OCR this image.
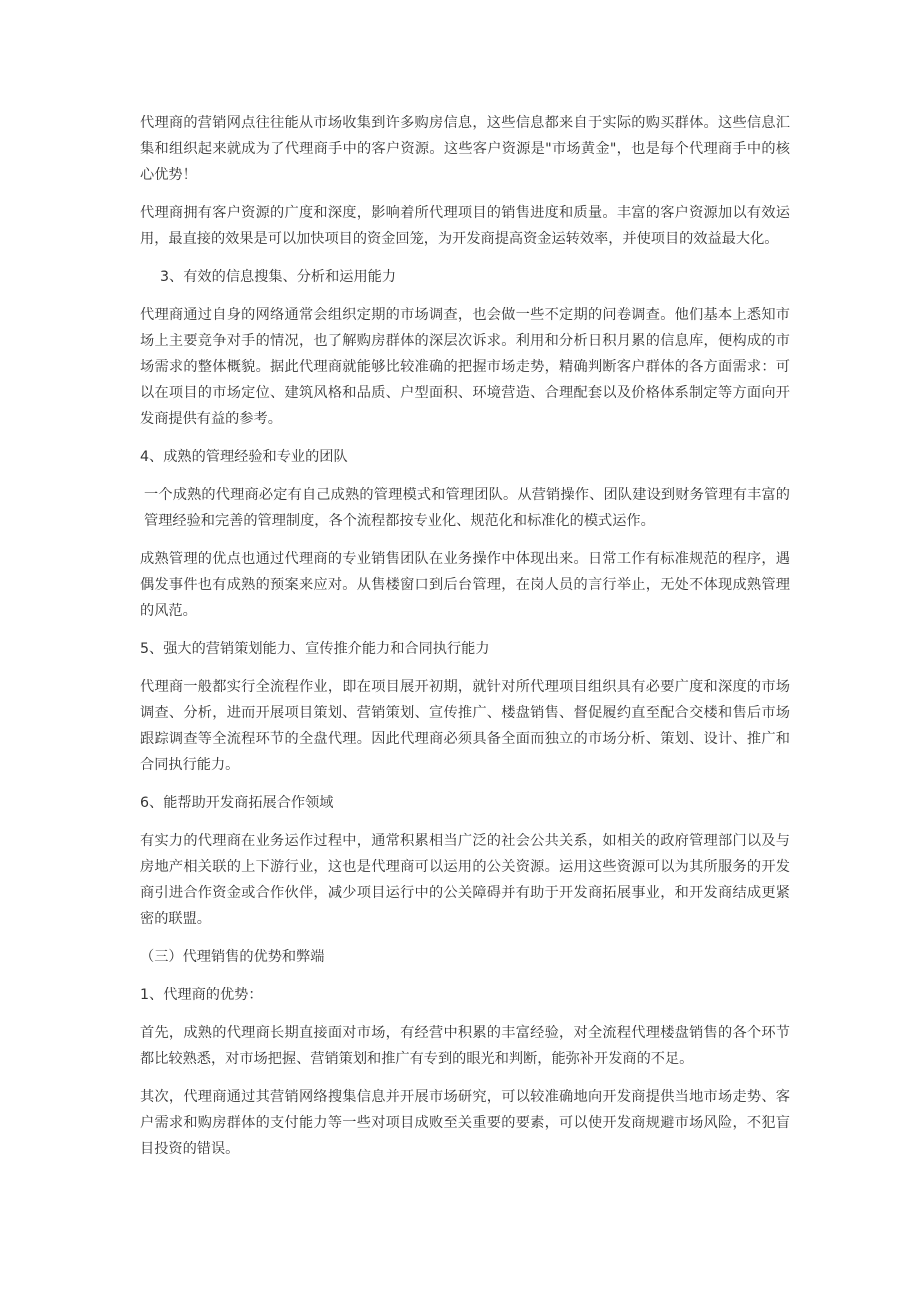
代理商的营销网点往往能从市场收集到许多购房信息，这些信息都来自于实际的购买群体。这些信息汇集和组织起来就成为了代理商手中的客户资源。这些客户资源是"市场黄金"，也是每个代理商手中的核心优势！

代理商拥有客户资源的广度和深度，影响着所代理项目的销售进度和质量。丰富的客户资源加以有效运用，最直接的效果是可以加快项目的资金回笼，为开发商提高资金运转效率，并使项目的效益最大化。

3、有效的信息搜集、分析和运用能力

代理商通过自身的网络通常会组织定期的市场调查，也会做一些不定期的问卷调查。他们基本上悉知市场上主要竞争对手的情况，也了解购房群体的深层次诉求。利用和分析日积月累的信息库，便构成的市场需求的整体概貌。据此代理商就能够比较准确的把握市场走势，精确判断客户群体的各方面需求：可以在项目的市场定位、建筑风格和品质、户型面积、环境营造、合理配套以及价格体系制定等方面向开发商提供有益的参考。

4、成熟的管理经验和专业的团队

一个成熟的代理商必定有自己成熟的管理模式和管理团队。从营销操作、团队建设到财务管理有丰富的管理经验和完善的管理制度，各个流程都按专业化、规范化和标准化的模式运作。

成熟管理的优点也通过代理商的专业销售团队在业务操作中体现出来。日常工作有标准规范的程序，遇偶发事件也有成熟的预案来应对。从售楼窗口到后台管理，在岗人员的言行举止，无处不体现成熟管理的风范。

5、强大的营销策划能力、宣传推介能力和合同执行能力

代理商一般都实行全流程作业，即在项目展开初期，就针对所代理项目组织具有必要广度和深度的市场调查、分析，进而开展项目策划、营销策划、宣传推广、楼盘销售、督促履约直至配合交楼和售后市场跟踪调查等全流程环节的全盘代理。因此代理商必须具备全面而独立的市场分析、策划、设计、推广和合同执行能力。

6、能帮助开发商拓展合作领域

有实力的代理商在业务运作过程中，通常积累相当广泛的社会公共关系，如相关的政府管理部门以及与房地产相关联的上下游行业，这也是代理商可以运用的公关资源。运用这些资源可以为其所服务的开发商引进合作资金或合作伙伴，减少项目运行中的公关障碍并有助于开发商拓展事业，和开发商结成更紧密的联盟。

（三）代理销售的优势和弊端

1、代理商的优势：

首先，成熟的代理商长期直接面对市场，有经营中积累的丰富经验，对全流程代理楼盘销售的各个环节都比较熟悉，对市场把握、营销策划和推广有专到的眼光和判断，能弥补开发商的不足。

其次，代理商通过其营销网络搜集信息并开展市场研究，可以较准确地向开发商提供当地市场走势、客户需求和购房群体的支付能力等一些对项目成败至关重要的要素，可以使开发商规避市场风险，不犯盲目投资的错误。
